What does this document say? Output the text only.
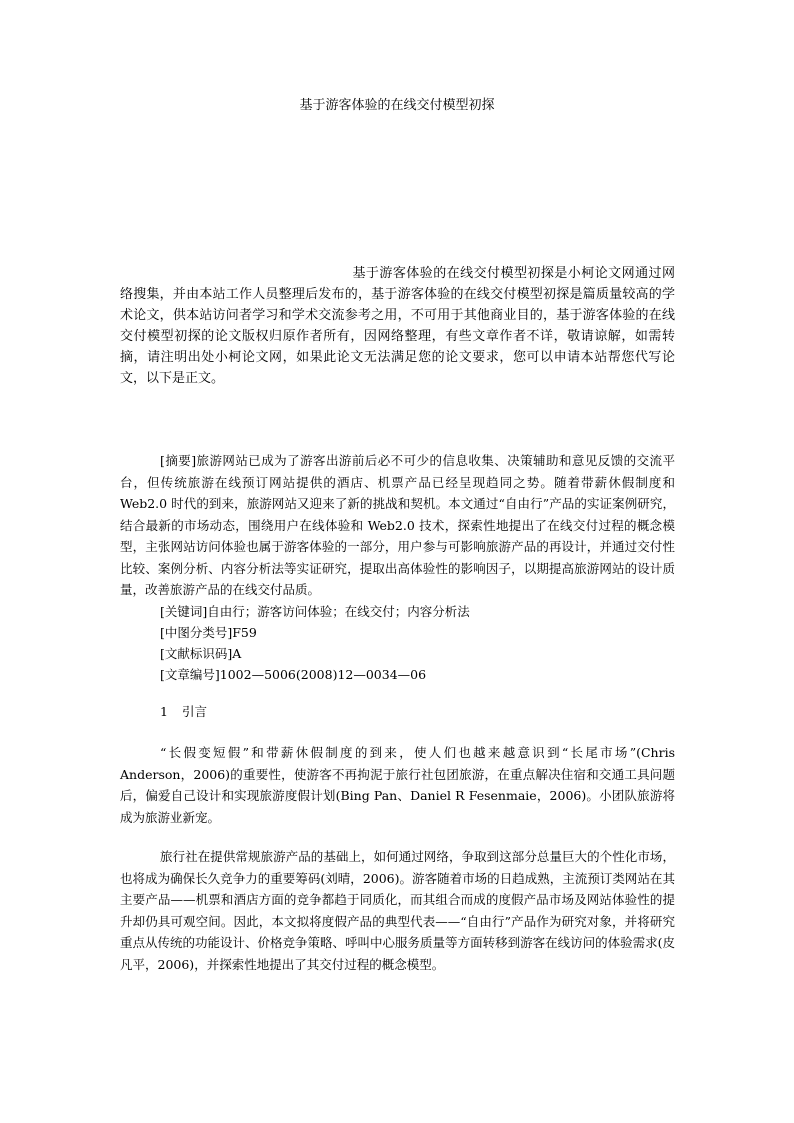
基于游客体验的在线交付模型初探
基于游客体验的在线交付模型初探是小柯论文网通过网络搜集，并由本站工作人员整理后发布的，基于游客体验的在线交付模型初探是篇质量较高的学术论文，供本站访问者学习和学术交流参考之用，不可用于其他商业目的，基于游客体验的在线交付模型初探的论文版权归原作者所有，因网络整理，有些文章作者不详，敬请谅解，如需转摘，请注明出处小柯论文网，如果此论文无法满足您的论文要求，您可以申请本站帮您代写论文，以下是正文。
[摘要]旅游网站已成为了游客出游前后必不可少的信息收集、决策辅助和意见反馈的交流平台，但传统旅游在线预订网站提供的酒店、机票产品已经呈现趋同之势。随着带薪休假制度和 Web2.0 时代的到来，旅游网站又迎来了新的挑战和契机。本文通过“自由行”产品的实证案例研究，结合最新的市场动态，围绕用户在线体验和 Web2.0 技术，探索性地提出了在线交付过程的概念模型，主张网站访问体验也属于游客体验的一部分，用户参与可影响旅游产品的再设计，并通过交付性比较、案例分析、内容分析法等实证研究，提取出高体验性的影响因子，以期提高旅游网站的设计质量，改善旅游产品的在线交付品质。
[关键词]自由行；游客访问体验；在线交付；内容分析法
[中图分类号]F59
[文献标识码]A
[文章编号]1002—5006(2008)12—0034—06
1 引言
“长假变短假”和带薪休假制度的到来，使人们也越来越意识到“长尾市场”(Chris Anderson，2006)的重要性，使游客不再拘泥于旅行社包团旅游，在重点解决住宿和交通工具问题后，偏爱自己设计和实现旅游度假计划(Bing Pan、Daniel R Fesenmaie，2006)。小团队旅游将成为旅游业新宠。
旅行社在提供常规旅游产品的基础上，如何通过网络，争取到这部分总量巨大的个性化市场，也将成为确保长久竞争力的重要筹码(刘晴，2006)。游客随着市场的日趋成熟，主流预订类网站在其主要产品——机票和酒店方面的竞争都趋于同质化，而其组合而成的度假产品市场及网站体验性的提升却仍具可观空间。因此，本文拟将度假产品的典型代表——“自由行”产品作为研究对象，并将研究重点从传统的功能设计、价格竞争策略、呼叫中心服务质量等方面转移到游客在线访问的体验需求(皮凡平，2006)，并探索性地提出了其交付过程的概念模型。
